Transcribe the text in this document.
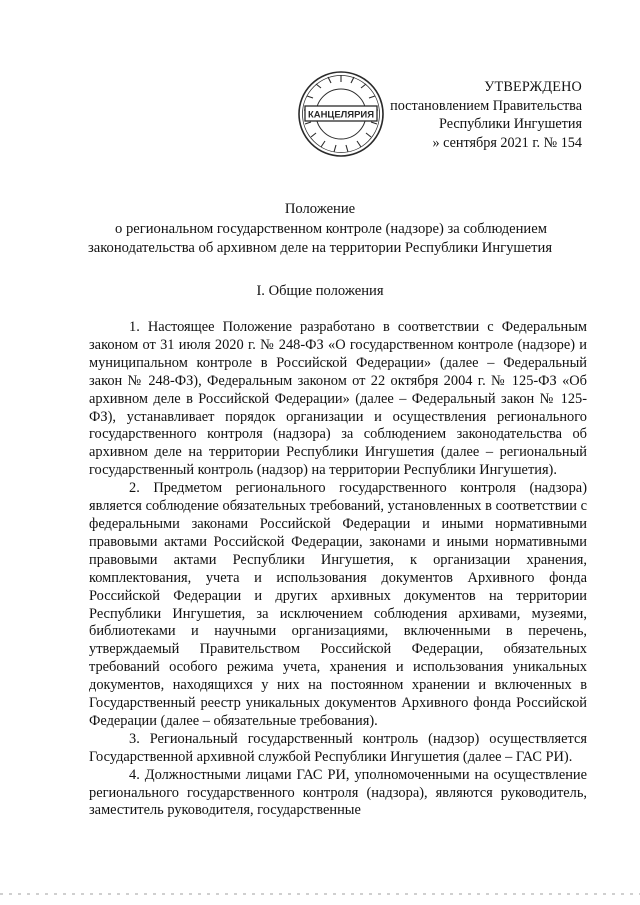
УТВЕРЖДЕНО
постановлением Правительства
Республики Ингушетия
» сентября 2021 г. № 154
КАНЦЕЛЯРИЯ
Положение
о региональном государственном контроле (надзоре) за соблюдением
законодательства об архивном деле на территории Республики Ингушетия
I. Общие положения

1. Настоящее Положение разработано в соответствии с Федеральным законом от 31 июля 2020 г. № 248-ФЗ «О государственном контроле (надзоре) и муниципальном контроле в Российской Федерации» (далее – Федеральный закон № 248-ФЗ), Федеральным законом от 22 октября 2004 г. № 125-ФЗ «Об архивном деле в Российской Федерации» (далее – Федеральный закон № 125-ФЗ), устанавливает порядок организации и осуществления регионального государственного контроля (надзора) за соблюдением законодательства об архивном деле на территории Республики Ингушетия (далее – региональный государственный контроль (надзор) на территории Республики Ингушетия).

2. Предметом регионального государственного контроля (надзора) является соблюдение обязательных требований, установленных в соответствии с федеральными законами Российской Федерации и иными нормативными правовыми актами Российской Федерации, законами и иными нормативными правовыми актами Республики Ингушетия, к организации хранения, комплектования, учета и использования документов Архивного фонда Российской Федерации и других архивных документов на территории Республики Ингушетия, за исключением соблюдения архивами, музеями, библиотеками и научными организациями, включенными в перечень, утверждаемый Правительством Российской Федерации, обязательных требований особого режима учета, хранения и использования уникальных документов, находящихся у них на постоянном хранении и включенных в Государственный реестр уникальных документов Архивного фонда Российской Федерации (далее – обязательные требования).

3. Региональный государственный контроль (надзор) осуществляется Государственной архивной службой Республики Ингушетия (далее – ГАС РИ).

4. Должностными лицами ГАС РИ, уполномоченными на осуществление регионального государственного контроля (надзора), являются руководитель, заместитель руководителя, государственные
